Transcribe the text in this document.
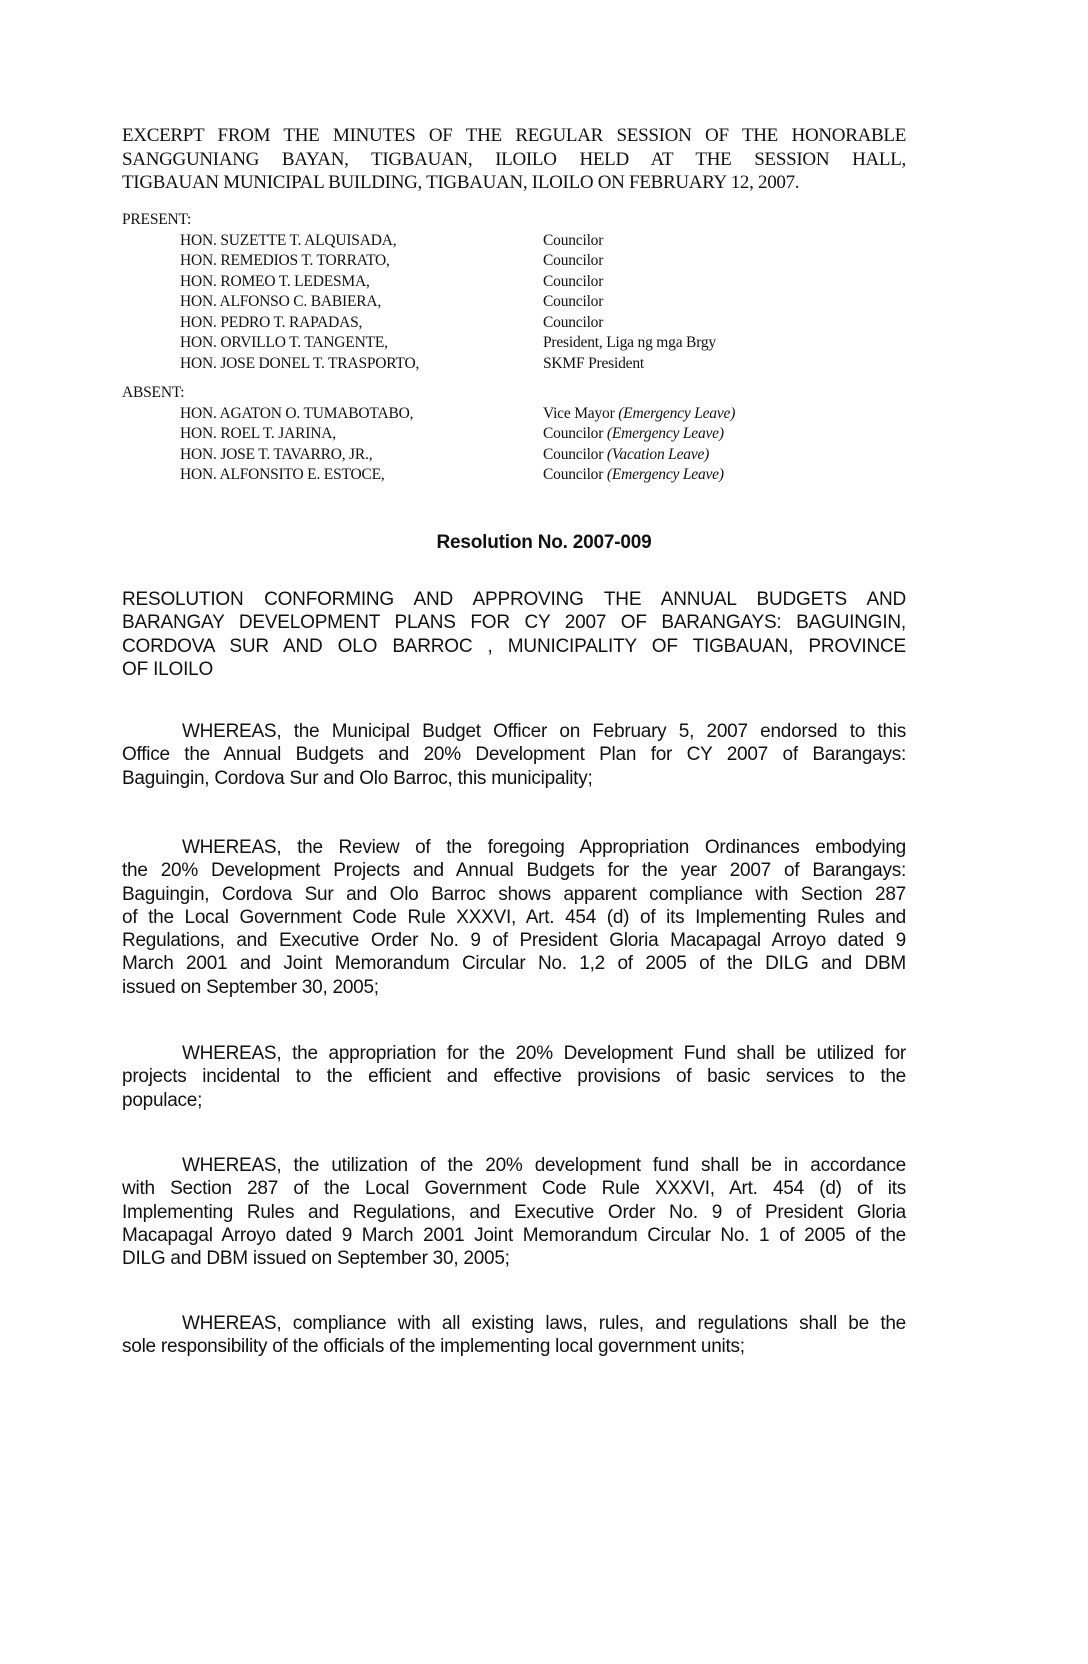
EXCERPT FROM THE MINUTES OF THE REGULAR SESSION OF THE HONORABLE
SANGGUNIANG BAYAN, TIGBAUAN, ILOILO HELD AT THE SESSION HALL,
TIGBAUAN MUNICIPAL BUILDING, TIGBAUAN, ILOILO ON FEBRUARY 12, 2007.
PRESENT:
HON. SUZETTE T. ALQUISADA,	Councilor
HON. REMEDIOS T. TORRATO,	Councilor
HON. ROMEO T. LEDESMA,	Councilor
HON. ALFONSO C. BABIERA,	Councilor
HON. PEDRO T. RAPADAS,	Councilor
HON. ORVILLO T. TANGENTE,	President, Liga ng mga Brgy
HON. JOSE DONEL T. TRASPORTO,	SKMF President
ABSENT:
HON. AGATON O. TUMABOTABO,	Vice Mayor (Emergency Leave)
HON. ROEL T. JARINA,	Councilor (Emergency Leave)
HON. JOSE T. TAVARRO, JR.,	Councilor (Vacation Leave)
HON. ALFONSITO E. ESTOCE,	Councilor (Emergency Leave)
Resolution No. 2007-009
RESOLUTION CONFORMING AND APPROVING THE ANNUAL BUDGETS AND
BARANGAY DEVELOPMENT PLANS FOR CY 2007 OF BARANGAYS: BAGUINGIN,
CORDOVA SUR AND OLO BARROC , MUNICIPALITY OF TIGBAUAN, PROVINCE
OF ILOILO
WHEREAS, the Municipal Budget Officer on February 5, 2007 endorsed to this
Office the Annual Budgets and 20% Development Plan for CY 2007 of Barangays:
Baguingin, Cordova Sur and Olo Barroc, this municipality;
WHEREAS, the Review of the foregoing Appropriation Ordinances embodying
the 20% Development Projects and Annual Budgets for the year 2007 of Barangays:
Baguingin, Cordova Sur and Olo Barroc shows apparent compliance with Section 287
of the Local Government Code Rule XXXVI, Art. 454 (d) of its Implementing Rules and
Regulations, and Executive Order No. 9 of President Gloria Macapagal Arroyo dated 9
March 2001 and Joint Memorandum Circular No. 1,2 of 2005 of the DILG and DBM
issued on September 30, 2005;
WHEREAS, the appropriation for the 20% Development Fund shall be utilized for
projects incidental to the efficient and effective provisions of basic services to the
populace;
WHEREAS, the utilization of the 20% development fund shall be in accordance
with Section 287 of the Local Government Code Rule XXXVI, Art. 454 (d) of its
Implementing Rules and Regulations, and Executive Order No. 9 of President Gloria
Macapagal Arroyo dated 9 March 2001 Joint Memorandum Circular No. 1 of 2005 of the
DILG and DBM issued on September 30, 2005;
WHEREAS, compliance with all existing laws, rules, and regulations shall be the
sole responsibility of the officials of the implementing local government units;
